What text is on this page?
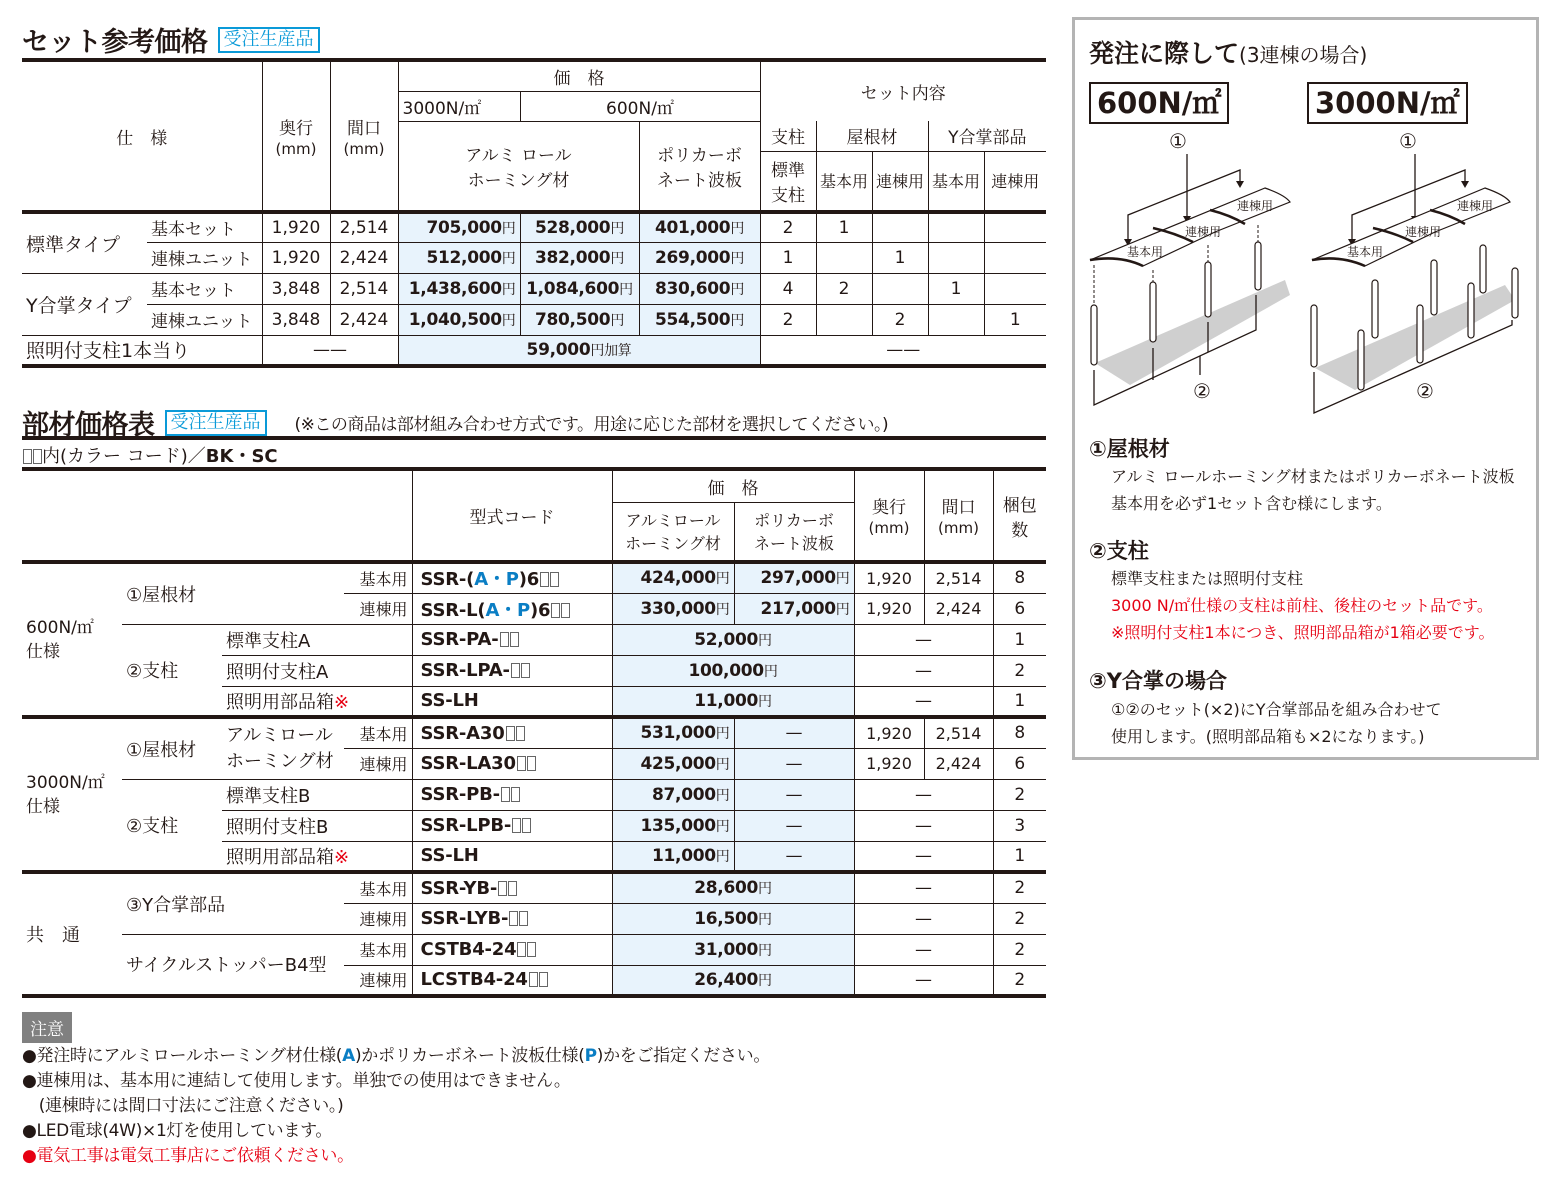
セット参考価格 受注生産品
仕　様		奥行
(mm)	間口
(mm)	価　格			セット内容				
				3000N/㎡	600N/㎡						
				アルミ ロール
ホーミング材		ポリカーボ
ネート波板	支柱	屋根材		Y合掌部品	
							標準
支柱	基本用	連棟用	基本用	連棟用
標準タイプ	基本セット	1,920	2,514	705,000円	528,000円	401,000円	2	1			
	連棟ユニット	1,920	2,424	512,000円	382,000円	269,000円	1		1		
Y合掌タイプ	基本セット	3,848	2,514	1,438,600円	1,084,600円	830,600円	4	2		1	
	連棟ユニット	3,848	2,424	1,040,500円	780,500円	554,500円	2		2		1
照明付支柱1本当り		——		59,000円加算			——				
部材価格表 受注生産品	(※この商品は部材組み合わせ方式です。用途に応じた部材を選択してください。)
内(カラー コード)／BK・SC
				型式コード	価　格		奥行
(mm)	間口
(mm)	梱包
数
					アルミロール
ホーミング材	ポリカーボ
ネート波板			
600N/㎡
仕様	①屋根材		基本用	SSR-(A・P)6	424,000円	297,000円	1,920	2,514	8
			連棟用	SSR-L(A・P)6	330,000円	217,000円	1,920	2,424	6
	②支柱	標準支柱A		SSR-PA-	52,000円		—		1
		照明付支柱A		SSR-LPA-	100,000円		—		2
		照明用部品箱※		SS-LH	11,000円		—		1
3000N/㎡
仕様	①屋根材	アルミロール
ホーミング材	基本用	SSR-A30	531,000円	—	1,920	2,514	8
			連棟用	SSR-LA30	425,000円	—	1,920	2,424	6
	②支柱	標準支柱B		SSR-PB-	87,000円	—	—		2
		照明付支柱B		SSR-LPB-	135,000円	—	—		3
		照明用部品箱※		SS-LH	11,000円	—	—		1
共　通	③Y合掌部品		基本用	SSR-YB-	28,600円		—		2
			連棟用	SSR-LYB-	16,500円		—		2
	サイクルストッパーB4型		基本用	CSTB4-24	31,000円		—		2
			連棟用	LCSTB4-24	26,400円		—		2
注意
●発注時にアルミロールホーミング材仕様(A)かポリカーボネート波板仕様(P)かをご指定ください。
●連棟用は、基本用に連結して使用します。単独での使用はできません。
　(連棟時には間口寸法にご注意ください。)
●LED電球(4W)×1灯を使用しています。
●電気工事は電気工事店にご依頼ください。
発注に際して(3連棟の場合)
600N/㎡	3000N/㎡
①
基本用
連棟用
連棟用
②
①
基本用
連棟用
連棟用
②
①屋根材
アルミ ロールホーミング材またはポリカーボネート波板
基本用を必ず1セット含む様にします。
②支柱
標準支柱または照明付支柱
3000 N/㎡仕様の支柱は前柱、後柱のセット品です。
※照明付支柱1本につき、照明部品箱が1箱必要です。
③Y合掌の場合
①②のセット(×2)にY合掌部品を組み合わせて
使用します。(照明部品箱も×2になります。)
